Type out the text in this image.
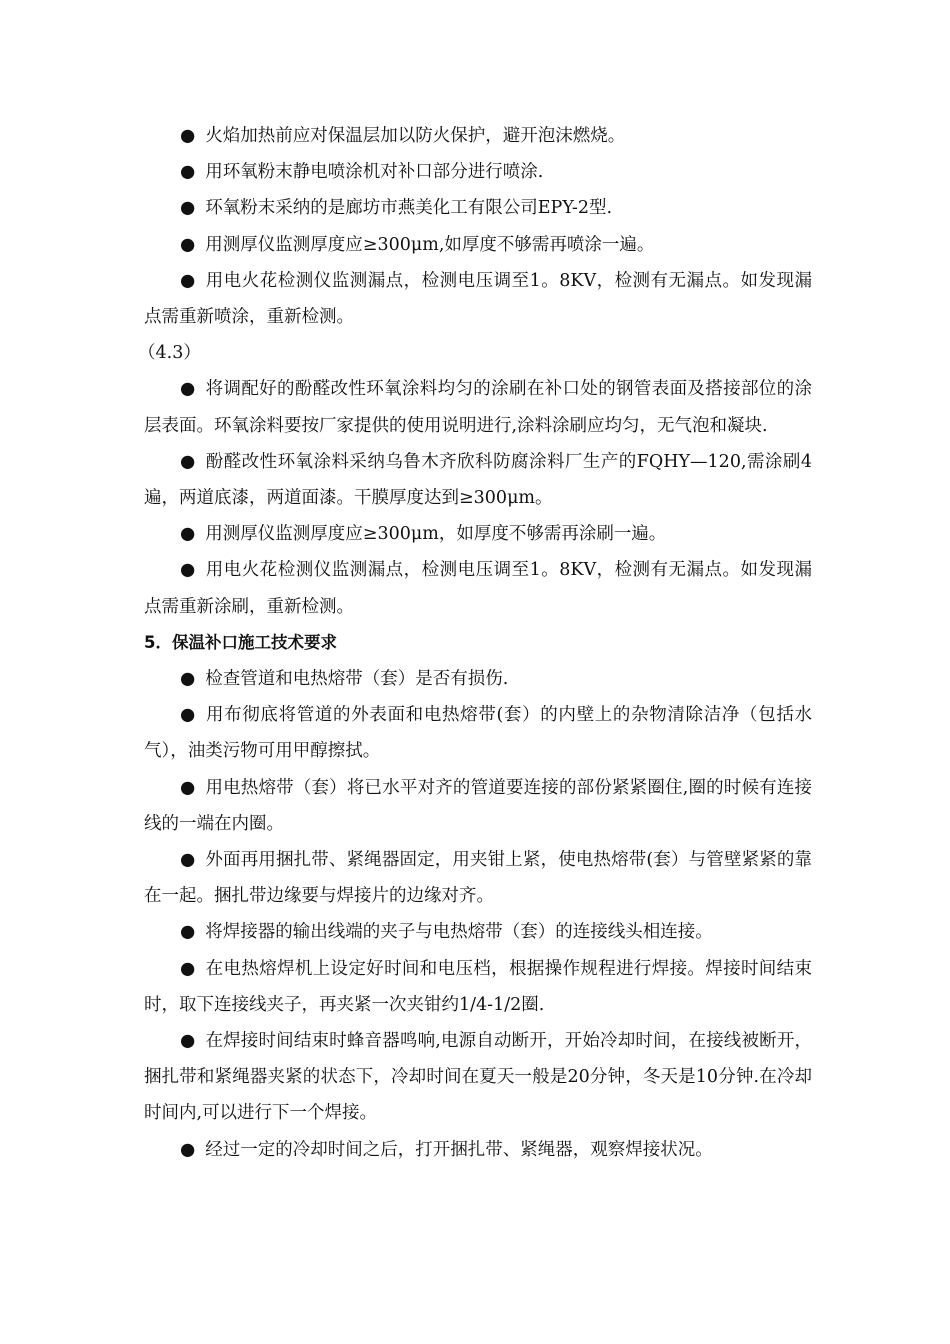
● 火焰加热前应对保温层加以防火保护，避开泡沫燃烧。

● 用环氧粉末静电喷涂机对补口部分进行喷涂.

● 环氧粉末采纳的是廊坊市燕美化工有限公司EPY-2型.

● 用测厚仪监测厚度应≥300μm,如厚度不够需再喷涂一遍。

● 用电火花检测仪监测漏点，检测电压调至1。8KV，检测有无漏点。如发现漏点需重新喷涂，重新检测。

（4.3）

● 将调配好的酚醛改性环氧涂料均匀的涂刷在补口处的钢管表面及搭接部位的涂层表面。环氧涂料要按厂家提供的使用说明进行,涂料涂刷应均匀，无气泡和凝块.

● 酚醛改性环氧涂料采纳乌鲁木齐欣科防腐涂料厂生产的FQHY—120,需涂刷4遍，两道底漆，两道面漆。干膜厚度达到≥300μm。

● 用测厚仪监测厚度应≥300μm，如厚度不够需再涂刷一遍。

● 用电火花检测仪监测漏点，检测电压调至1。8KV，检测有无漏点。如发现漏点需重新涂刷，重新检测。

5．保温补口施工技术要求

● 检查管道和电热熔带（套）是否有损伤.

● 用布彻底将管道的外表面和电热熔带(套）的内壁上的杂物清除洁净（包括水气），油类污物可用甲醇擦拭。

● 用电热熔带（套）将已水平对齐的管道要连接的部份紧紧圈住,圈的时候有连接线的一端在内圈。

● 外面再用捆扎带、紧绳器固定，用夹钳上紧，使电热熔带(套）与管壁紧紧的靠在一起。捆扎带边缘要与焊接片的边缘对齐。

● 将焊接器的输出线端的夹子与电热熔带（套）的连接线头相连接。

● 在电热熔焊机上设定好时间和电压档，根据操作规程进行焊接。焊接时间结束时，取下连接线夹子，再夹紧一次夹钳约1/4-1/2圈.

● 在焊接时间结束时蜂音器鸣响,电源自动断开，开始冷却时间，在接线被断开，捆扎带和紧绳器夹紧的状态下，冷却时间在夏天一般是20分钟，冬天是10分钟.在冷却时间内,可以进行下一个焊接。

● 经过一定的冷却时间之后，打开捆扎带、紧绳器，观察焊接状况。
